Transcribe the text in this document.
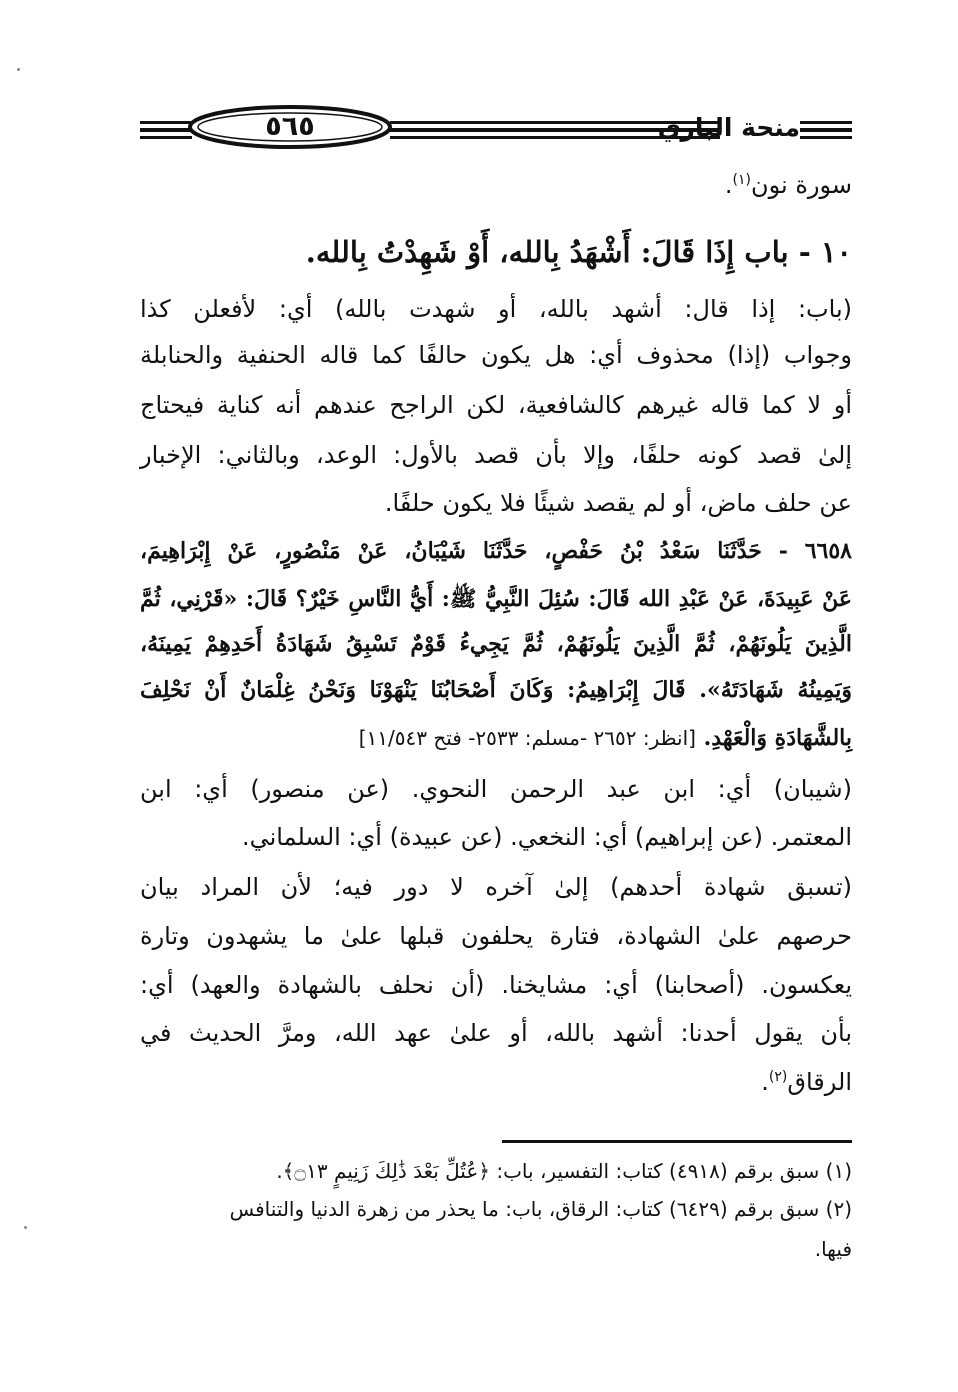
٥٦٥	منحة الباري
سورة نون$^{(١)}$.
١٠ - باب إِذَا قَالَ: أَشْهَدُ بِالله، أَوْ شَهِدْتُ بِالله.
(باب: إذا قال: أشهد بالله، أو شهدت بالله) أي: لأفعلن كذا
وجواب (إذا) محذوف أي: هل يكون حالفًا كما قاله الحنفية والحنابلة
أو لا كما قاله غيرهم كالشافعية، لكن الراجح عندهم أنه كناية فيحتاج
إلىٰ قصد كونه حلفًا، وإلا بأن قصد بالأول: الوعد، وبالثاني: الإخبار
عن حلف ماض، أو لم يقصد شيئًا فلا يكون حلفًا.
٦٦٥٨ - حَدَّثَنَا سَعْدُ بْنُ حَفْصٍ، حَدَّثَنَا شَيْبَانُ، عَنْ مَنْصُورٍ، عَنْ إِبْرَاهِيمَ،
عَنْ عَبِيدَةَ، عَنْ عَبْدِ الله قَالَ: سُئِلَ النَّبِيُّ ﷺ: أَيُّ النَّاسِ خَيْرٌ؟ قَالَ: «قَرْنِي، ثُمَّ
الَّذِينَ يَلُونَهُمْ، ثُمَّ الَّذِينَ يَلُونَهُمْ، ثُمَّ يَجِيءُ قَوْمٌ تَسْبِقُ شَهَادَةُ أَحَدِهِمْ يَمِينَهُ،
وَيَمِينُهُ شَهَادَتَهُ». قَالَ إِبْرَاهِيمُ: وَكَانَ أَصْحَابُنَا يَنْهَوْنَا وَنَحْنُ غِلْمَانٌ أَنْ نَحْلِفَ
بِالشَّهَادَةِ وَالْعَهْدِ. [انظر: ٢٦٥٢ -مسلم: ٢٥٣٣- فتح ١١/٥٤٣]
(شيبان) أي: ابن عبد الرحمن النحوي. (عن منصور) أي: ابن
المعتمر. (عن إبراهيم) أي: النخعي. (عن عبيدة) أي: السلماني.
(تسبق شهادة أحدهم) إلىٰ آخره لا دور فيه؛ لأن المراد بيان
حرصهم علىٰ الشهادة، فتارة يحلفون قبلها علىٰ ما يشهدون وتارة
يعكسون. (أصحابنا) أي: مشايخنا. (أن نحلف بالشهادة والعهد) أي:
بأن يقول أحدنا: أشهد بالله، أو علىٰ عهد الله، ومرَّ الحديث في
الرقاق$^{(٢)}$.
(١) سبق برقم (٤٩١٨) كتاب: التفسير، باب: ﴿عُتُلِّ بَعْدَ ذَٰلِكَ زَنِيمٍ ۝١٣﴾.
(٢) سبق برقم (٦٤٢٩) كتاب: الرقاق، باب: ما يحذر من زهرة الدنيا والتنافس
فيها.
